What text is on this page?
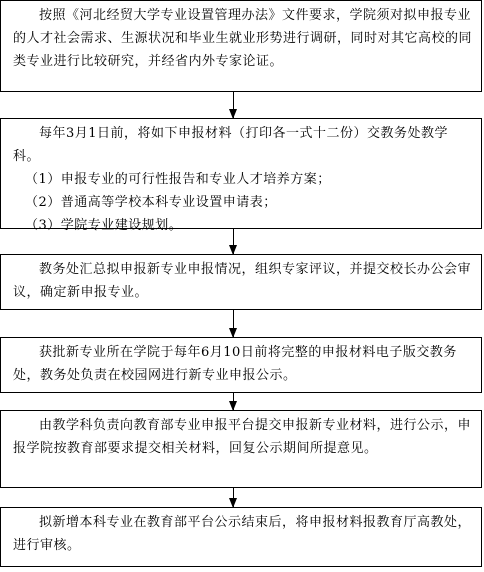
按照《河北经贸大学专业设置管理办法》文件要求，学院须对拟申报专业的人才社会需求、生源状况和毕业生就业形势进行调研，同时对其它高校的同类专业进行比较研究，并经省内外专家论证。

每年3月1日前，将如下申报材料（打印各一式十二份）交教务处教学科。

（1）申报专业的可行性报告和专业人才培养方案；
（2）普通高等学校本科专业设置申请表；
（3）学院专业建设规划。

教务处汇总拟申报新专业申报情况，组织专家评议，并提交校长办公会审议，确定新申报专业。

获批新专业所在学院于每年6月10日前将完整的申报材料电子版交教务处，教务处负责在校园网进行新专业申报公示。

由教学科负责向教育部专业申报平台提交申报新专业材料，进行公示，申报学院按教育部要求提交相关材料，回复公示期间所提意见。

拟新增本科专业在教育部平台公示结束后，将申报材料报教育厅高教处，进行审核。
